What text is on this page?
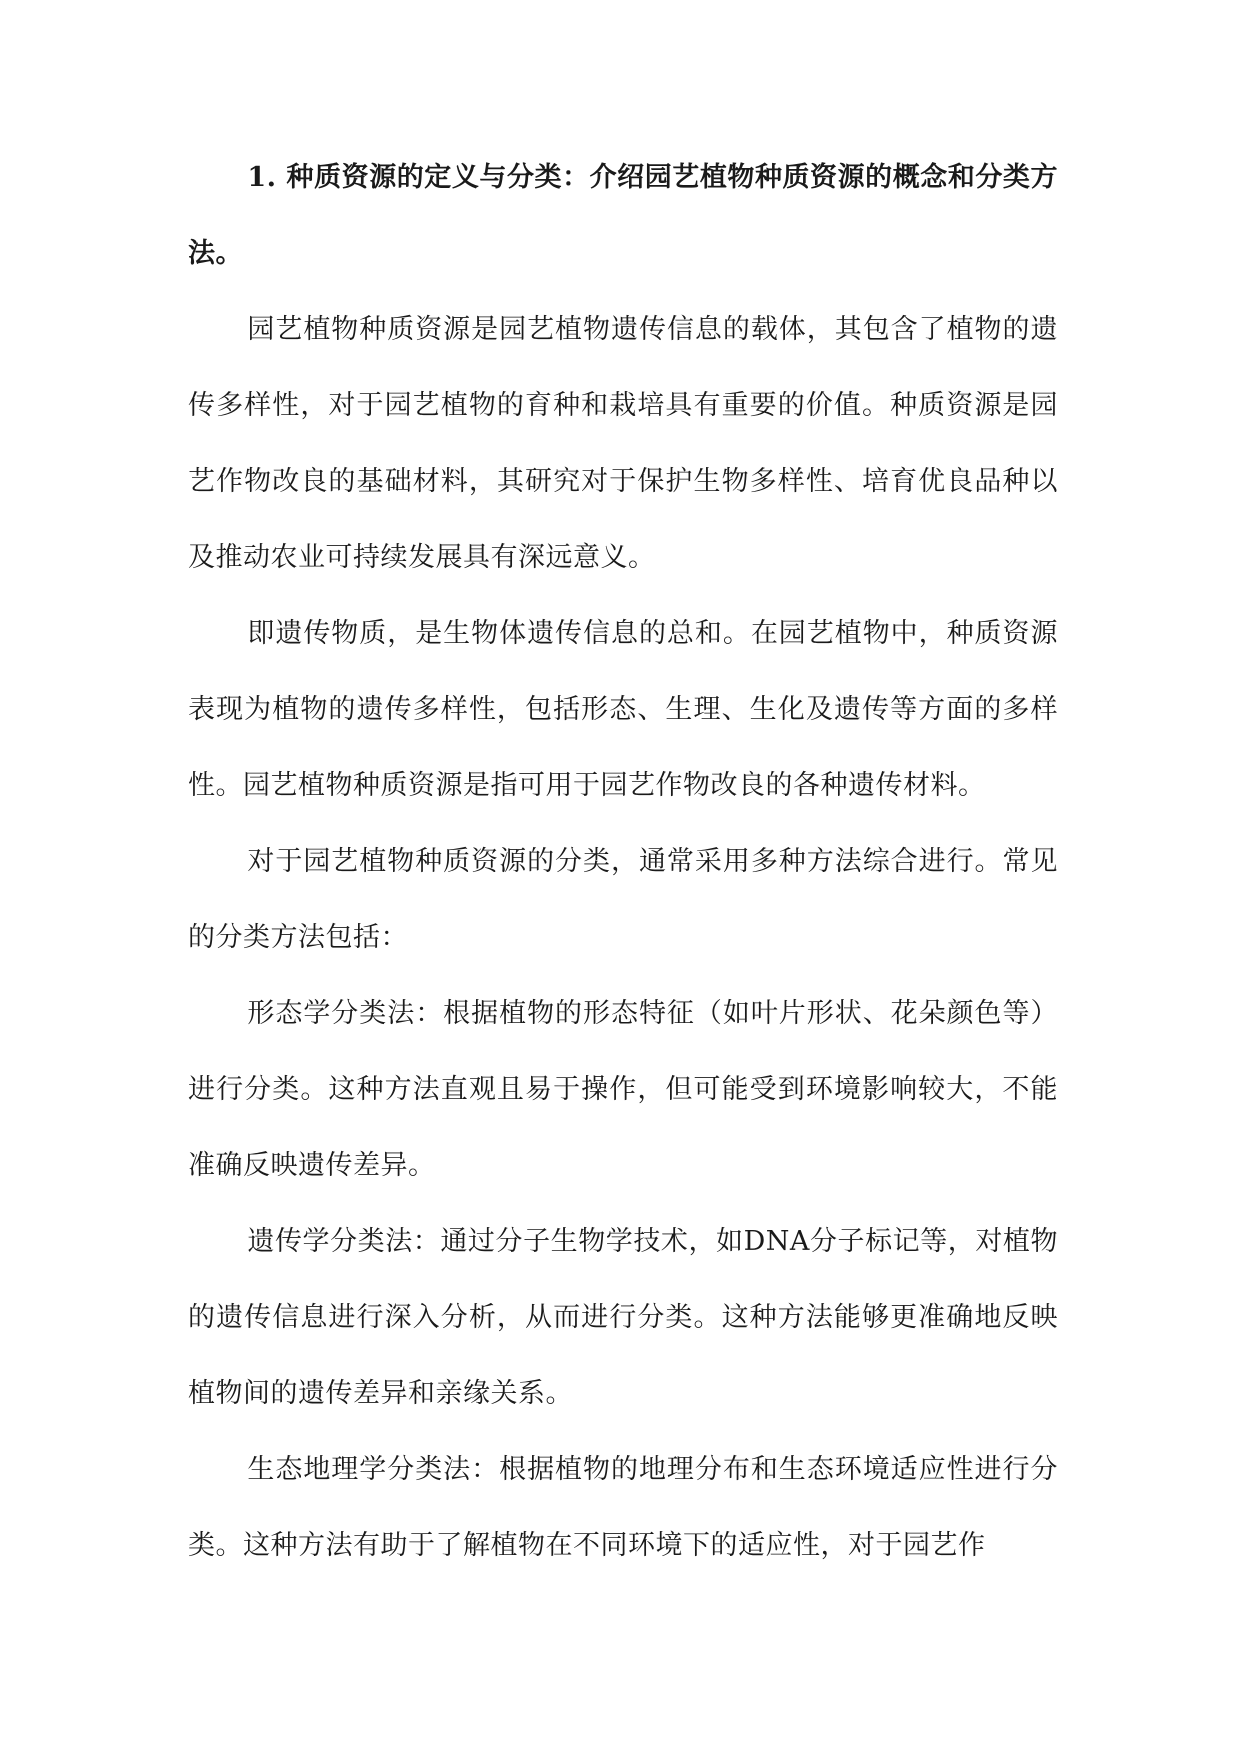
1. 种质资源的定义与分类：介绍园艺植物种质资源的概念和分类方法。

园艺植物种质资源是园艺植物遗传信息的载体，其包含了植物的遗传多样性，对于园艺植物的育种和栽培具有重要的价值。种质资源是园艺作物改良的基础材料，其研究对于保护生物多样性、培育优良品种以及推动农业可持续发展具有深远意义。

即遗传物质，是生物体遗传信息的总和。在园艺植物中，种质资源表现为植物的遗传多样性，包括形态、生理、生化及遗传等方面的多样性。园艺植物种质资源是指可用于园艺作物改良的各种遗传材料。

对于园艺植物种质资源的分类，通常采用多种方法综合进行。常见的分类方法包括：

形态学分类法：根据植物的形态特征（如叶片形状、花朵颜色等）进行分类。这种方法直观且易于操作，但可能受到环境影响较大，不能准确反映遗传差异。

遗传学分类法：通过分子生物学技术，如DNA分子标记等，对植物的遗传信息进行深入分析，从而进行分类。这种方法能够更准确地反映植物间的遗传差异和亲缘关系。

生态地理学分类法：根据植物的地理分布和生态环境适应性进行分类。这种方法有助于了解植物在不同环境下的适应性，对于园艺作
